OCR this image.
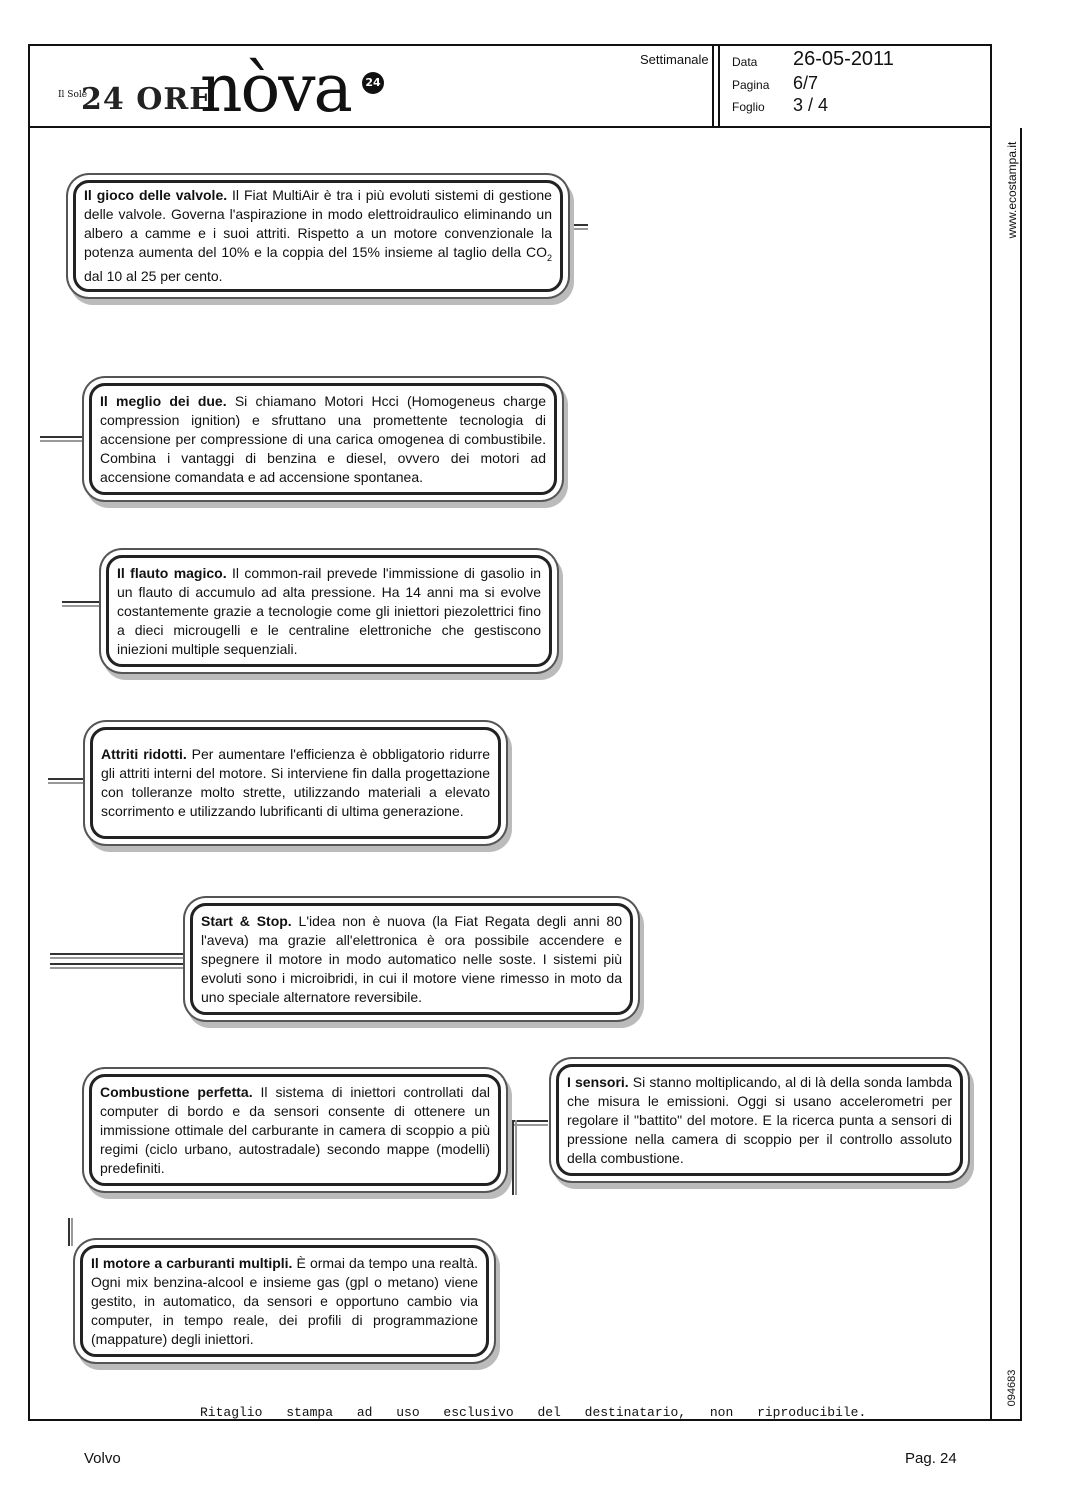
Il Sole
24 ORE
nòva	24
Settimanale Data 26-05-2011
Pagina 6/7
Foglio 3 / 4
www.ecostampa.it
094683

Il gioco delle valvole. Il Fiat MultiAir è tra i più evoluti sistemi di gestione delle valvole. Governa l'aspirazione in modo elettroidraulico eliminando un albero a camme e i suoi attriti. Rispetto a un motore convenzionale la potenza aumenta del 10% e la coppia del 15% insieme al taglio della $CO_2$ dal 10 al 25 per cento.

Il meglio dei due. Si chiamano Motori Hcci (Homogeneus charge compression ignition) e sfruttano una promettente tecnologia di accensione per compressione di una carica omogenea di combustibile. Combina i vantaggi di benzina e diesel, ovvero dei motori ad accensione comandata e ad accensione spontanea.

Il flauto magico. Il common-rail prevede l'immissione di gasolio in un flauto di accumulo ad alta pressione. Ha 14 anni ma si evolve costantemente grazie a tecnologie come gli iniettori piezolettrici fino a dieci microugelli e le centraline elettroniche che gestiscono iniezioni multiple sequenziali.

Attriti ridotti. Per aumentare l'efficienza è obbligatorio ridurre gli attriti interni del motore. Si interviene fin dalla progettazione con tolleranze molto strette, utilizzando materiali a elevato scorrimento e utilizzando lubrificanti di ultima generazione.

Start & Stop. L'idea non è nuova (la Fiat Regata degli anni 80 l'aveva) ma grazie all'elettronica è ora possibile accendere e spegnere il motore in modo automatico nelle soste. I sistemi più evoluti sono i microibridi, in cui il motore viene rimesso in moto da uno speciale alternatore reversibile.

Combustione perfetta. Il sistema di iniettori controllati dal computer di bordo e da sensori consente di ottenere un immissione ottimale del carburante in camera di scoppio a più regimi (ciclo urbano, autostradale) secondo mappe (modelli) predefiniti.

I sensori. Si stanno moltiplicando, al di là della sonda lambda che misura le emissioni. Oggi si usano accelerometri per regolare il "battito" del motore. E la ricerca punta a sensori di pressione nella camera di scoppio per il controllo assoluto della combustione.

Il motore a carburanti multipli. È ormai da tempo una realtà. Ogni mix benzina-alcool e insieme gas (gpl o metano) viene gestito, in automatico, da sensori e opportuno cambio via computer, in tempo reale, dei profili di programmazione (mappature) degli iniettori.

Ritaglio stampa ad uso esclusivo del destinatario, non riproducibile.
Volvo	Pag. 24
